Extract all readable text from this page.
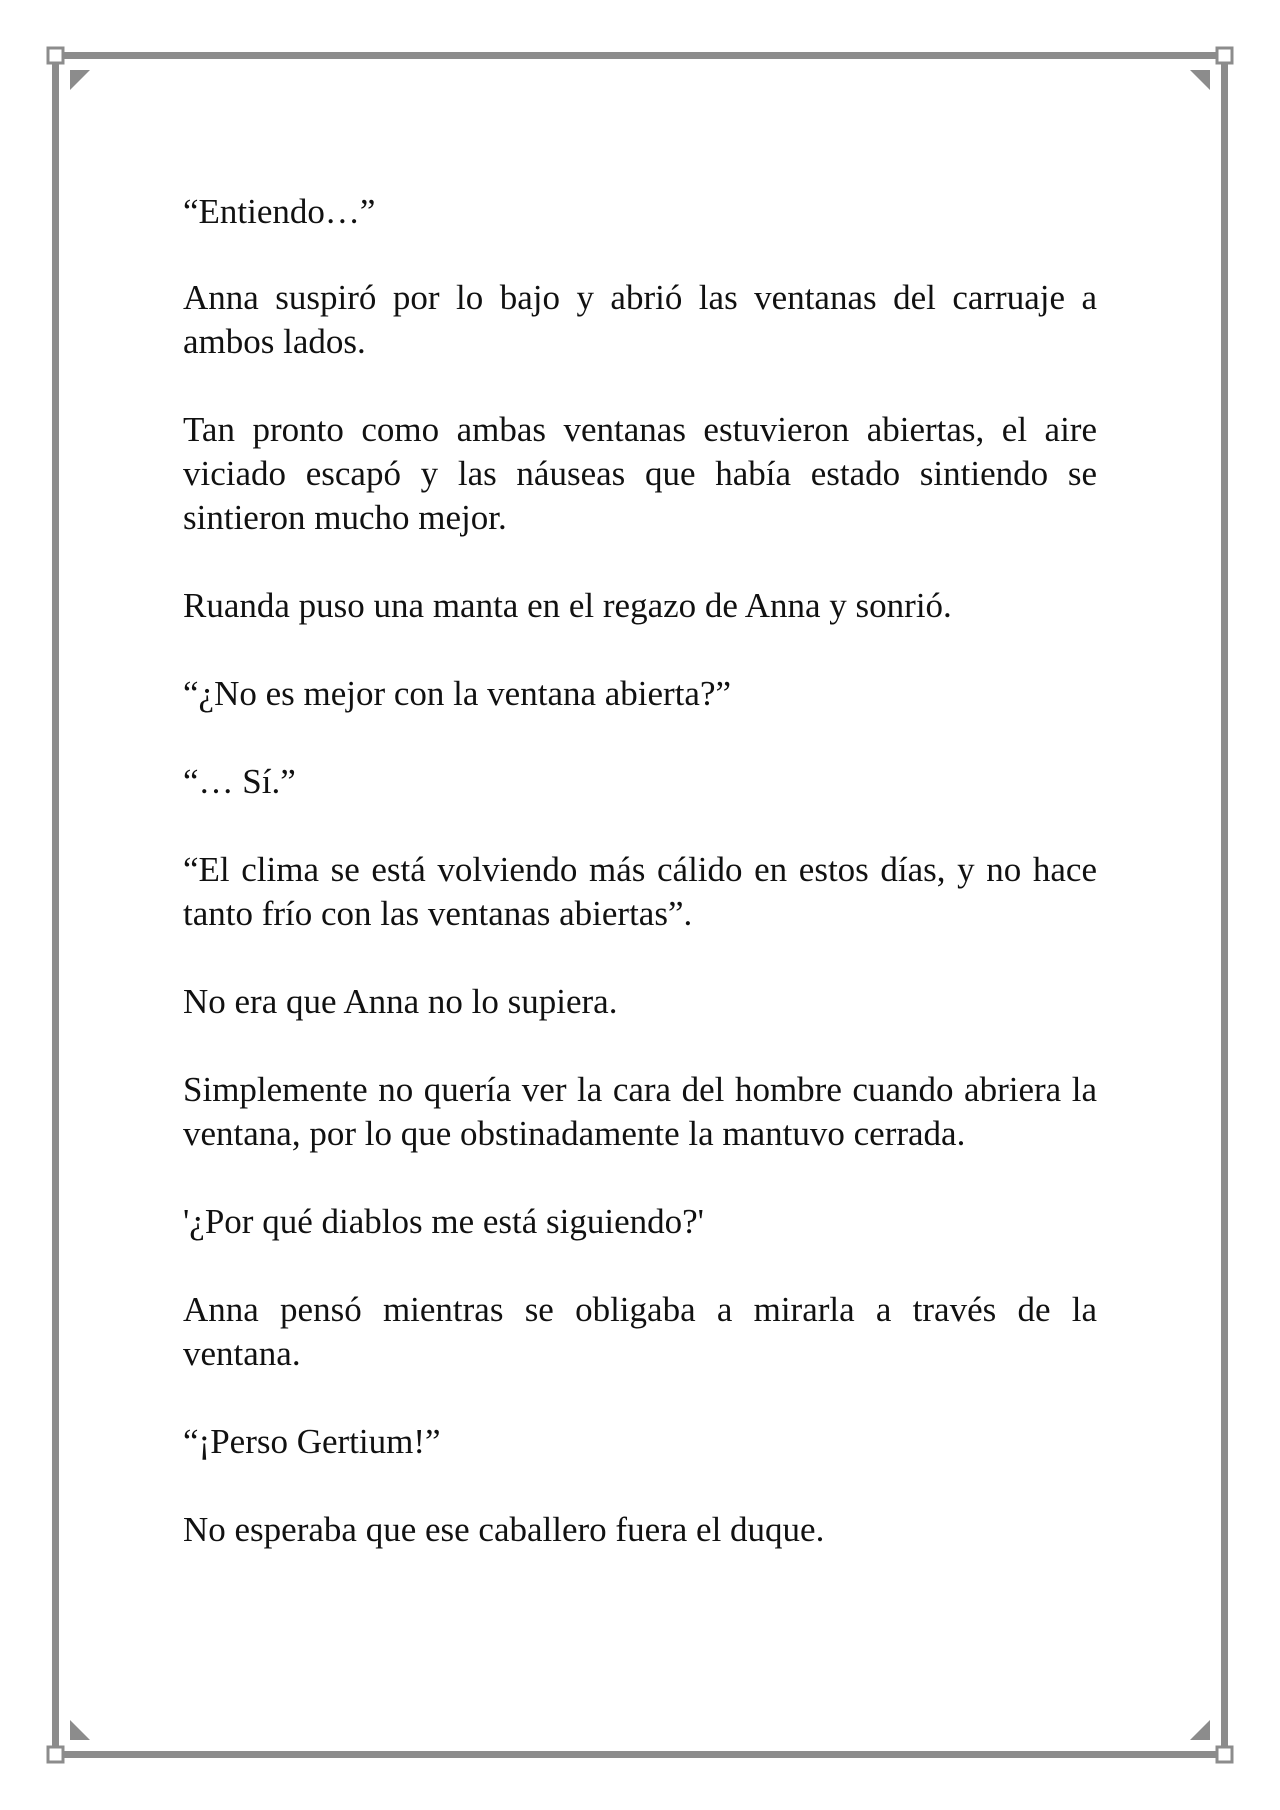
“Entiendo…”

Anna suspiró por lo bajo y abrió las ventanas del carruaje a ambos lados.

Tan pronto como ambas ventanas estuvieron abiertas, el aire viciado escapó y las náuseas que había estado sintiendo se sintieron mucho mejor.

Ruanda puso una manta en el regazo de Anna y sonrió.

“¿No es mejor con la ventana abierta?”

“… Sí.”

“El clima se está volviendo más cálido en estos días, y no hace tanto frío con las ventanas abiertas”.

No era que Anna no lo supiera.

Simplemente no quería ver la cara del hombre cuando abriera la ventana, por lo que obstinadamente la mantuvo cerrada.

'¿Por qué diablos me está siguiendo?'

Anna pensó mientras se obligaba a mirarla a través de la ventana.

“¡Perso Gertium!”

No esperaba que ese caballero fuera el duque.
